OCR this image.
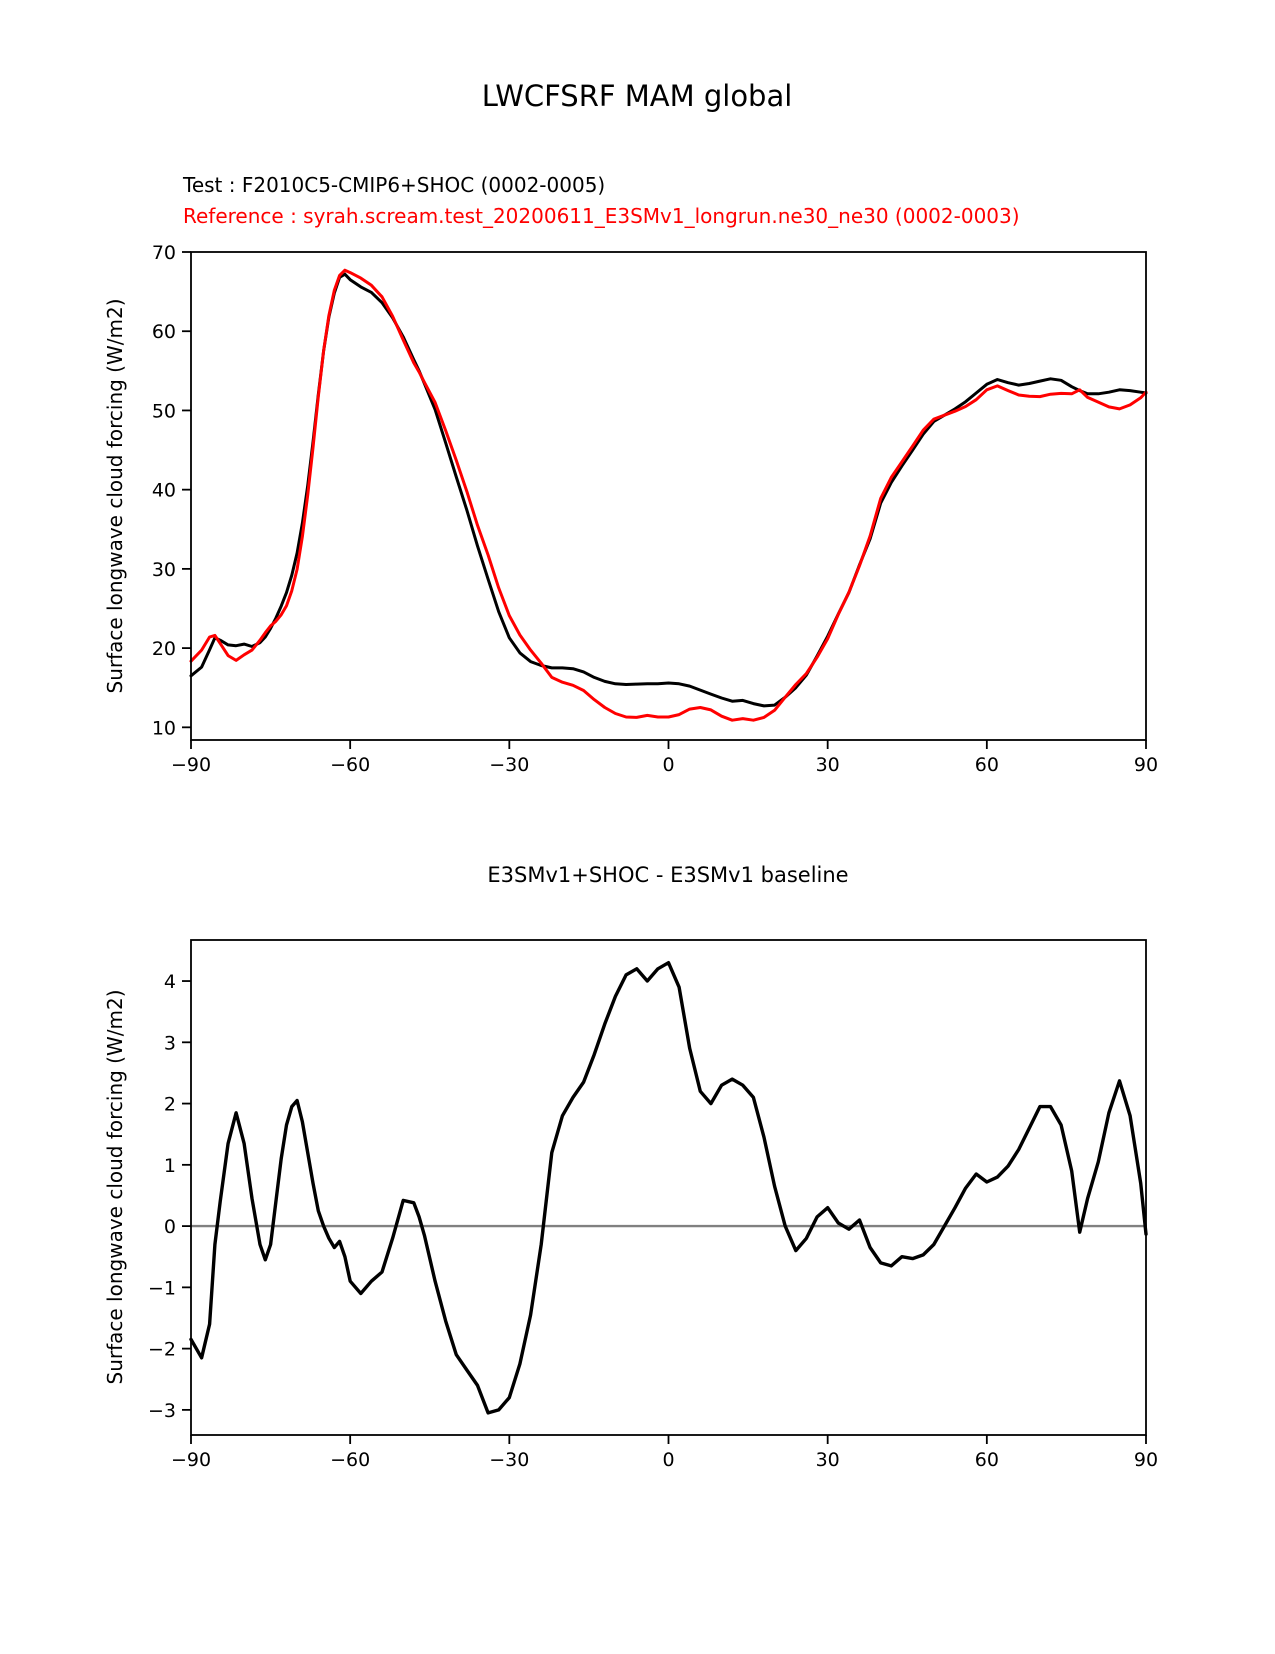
LWCFSRF MAM global
Test : F2010C5-CMIP6+SHOC (0002-0005)
Reference : syrah.scream.test_20200611_E3SMv1_longrun.ne30_ne30 (0002-0003)
−90	−60	−30	0	30	60	90
10
20
30
40
50
60
70
Surface longwave cloud forcing (W/m2)
E3SMv1+SHOC - E3SMv1 baseline
−90	−60	−30	0	30	60	90
−3
−2
−1
0
1
2
3
4
Surface longwave cloud forcing (W/m2)
